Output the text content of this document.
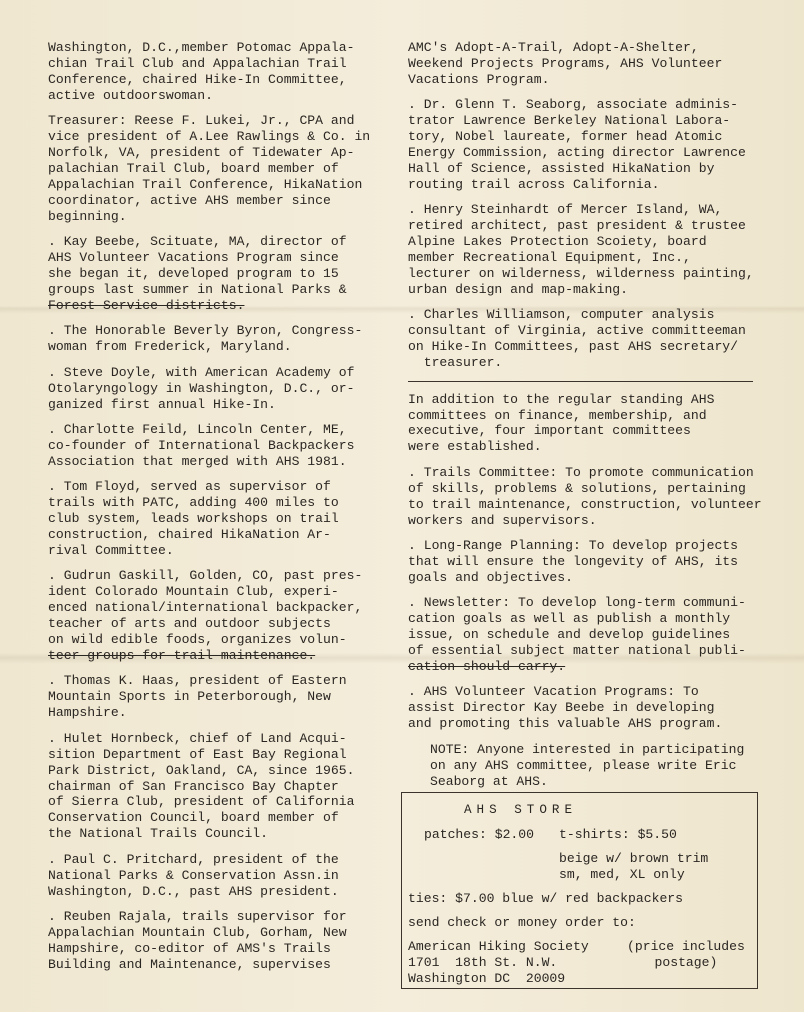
Washington, D.C.,member Potomac Appala-
chian Trail Club and Appalachian Trail
Conference, chaired Hike-In Committee,
active outdoorswoman.
Treasurer: Reese F. Lukei, Jr., CPA and
vice president of A.Lee Rawlings & Co. in
Norfolk, VA, president of Tidewater Ap-
palachian Trail Club, board member of
Appalachian Trail Conference, HikaNation
coordinator, active AHS member since
beginning.
. Kay Beebe, Scituate, MA, director of
AHS Volunteer Vacations Program since
she began it, developed program to 15
groups last summer in National Parks &
Forest Service districts.
. The Honorable Beverly Byron, Congress-
woman from Frederick, Maryland.
. Steve Doyle, with American Academy of
Otolaryngology in Washington, D.C., or-
ganized first annual Hike-In.
. Charlotte Feild, Lincoln Center, ME,
co-founder of International Backpackers
Association that merged with AHS 1981.
. Tom Floyd, served as supervisor of
trails with PATC, adding 400 miles to
club system, leads workshops on trail
construction, chaired HikaNation Ar-
rival Committee.
. Gudrun Gaskill, Golden, CO, past pres-
ident Colorado Mountain Club, experi-
enced national/international backpacker,
teacher of arts and outdoor subjects
on wild edible foods, organizes volun-
teer groups for trail maintenance.
. Thomas K. Haas, president of Eastern
Mountain Sports in Peterborough, New
Hampshire.
. Hulet Hornbeck, chief of Land Acqui-
sition Department of East Bay Regional
Park District, Oakland, CA, since 1965.
chairman of San Francisco Bay Chapter
of Sierra Club, president of California
Conservation Council, board member of
the National Trails Council.
. Paul C. Pritchard, president of the
National Parks & Conservation Assn.in
Washington, D.C., past AHS president.
. Reuben Rajala, trails supervisor for
Appalachian Mountain Club, Gorham, New
Hampshire, co-editor of AMS's Trails
Building and Maintenance, supervises
AMC's Adopt-A-Trail, Adopt-A-Shelter,
Weekend Projects Programs, AHS Volunteer
Vacations Program.
. Dr. Glenn T. Seaborg, associate adminis-
trator Lawrence Berkeley National Labora-
tory, Nobel laureate, former head Atomic
Energy Commission, acting director Lawrence
Hall of Science, assisted HikaNation by
routing trail across California.
. Henry Steinhardt of Mercer Island, WA,
retired architect, past president & trustee
Alpine Lakes Protection Scoiety, board
member Recreational Equipment, Inc.,
lecturer on wilderness, wilderness painting,
urban design and map-making.
. Charles Williamson, computer analysis
consultant of Virginia, active committeeman
on Hike-In Committees, past AHS secretary/
treasurer.
In addition to the regular standing AHS
committees on finance, membership, and
executive, four important committees
were established.
. Trails Committee: To promote communication
of skills, problems & solutions, pertaining
to trail maintenance, construction, volunteer
workers and supervisors.
. Long-Range Planning: To develop projects
that will ensure the longevity of AHS, its
goals and objectives.
. Newsletter: To develop long-term communi-
cation goals as well as publish a monthly
issue, on schedule and develop guidelines
of essential subject matter national publi-
cation should carry.
. AHS Volunteer Vacation Programs: To
assist Director Kay Beebe in developing
and promoting this valuable AHS program.
NOTE: Anyone interested in participating
on any AHS committee, please write Eric
Seaborg at AHS.
AHS STORE
patches: $2.00 t-shirts: $5.50
beige w/ brown trim
sm, med, XL only
ties: $7.00 blue w/ red backpackers
send check or money order to:
American Hiking Society
1701  18th St. N.W.
Washington DC  20009
(price includes
postage)
